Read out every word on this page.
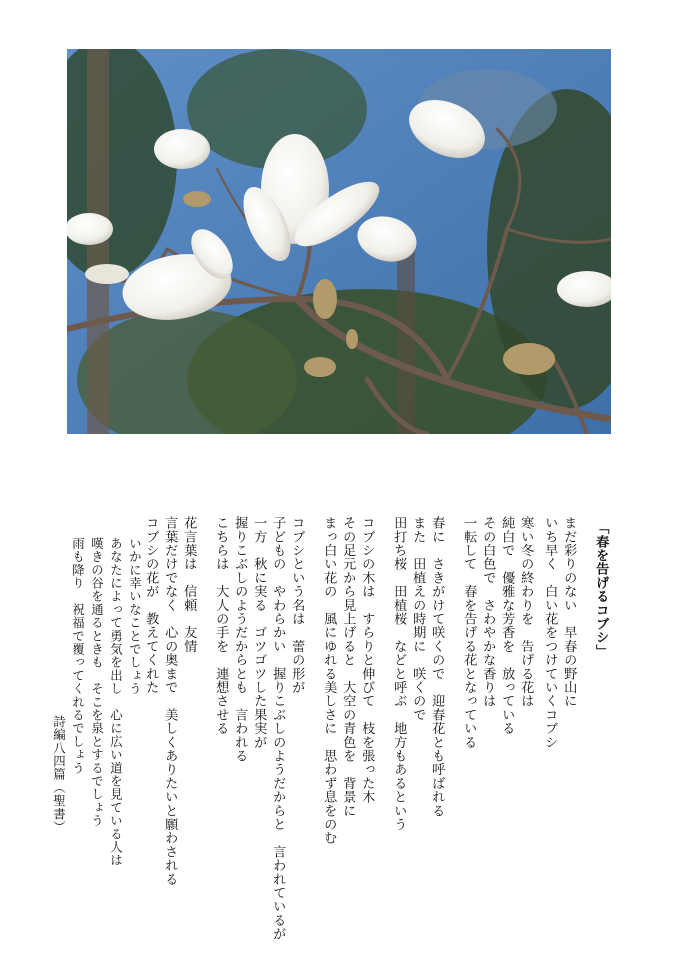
「春を告げるコブシ」
まだ彩りのない　早春の野山に
いち早く　白い花をつけていくコブシ
寒い冬の終わりを　告げる花は
純白で　優雅な芳香を　放っている
その白色で　さわやかな香りは
一転して　春を告げる花となっている
春に　さきがけて咲くので　迎春花とも呼ばれる
また　田植えの時期に　咲くので
田打ち桜　田植桜　などと呼ぶ　地方もあるという
コブシの木は　すらりと伸びて　枝を張った木
その足元から見上げると　大空の青色を　背景に
まっ白い花の　風にゆれる美しさに　思わず息をのむ
コブシという名は　蕾の形が
子どもの　やわらかい　握りこぶしのようだからと　言われているが
一方　秋に実る　ゴツゴツした果実が
握りこぶしのようだからとも　言われる
こちらは　大人の手を　連想させる
花言葉は　信頼　友情
言葉だけでなく　心の奥まで　美しくありたいと願わされる
コブシの花が　教えてくれた
いかに幸いなことでしょう
あなたによって勇気を出し　心に広い道を見ている人は
嘆きの谷を通るときも　そこを泉とするでしょう
雨も降り　祝福で覆ってくれるでしょう
詩編八四篇（聖書）
